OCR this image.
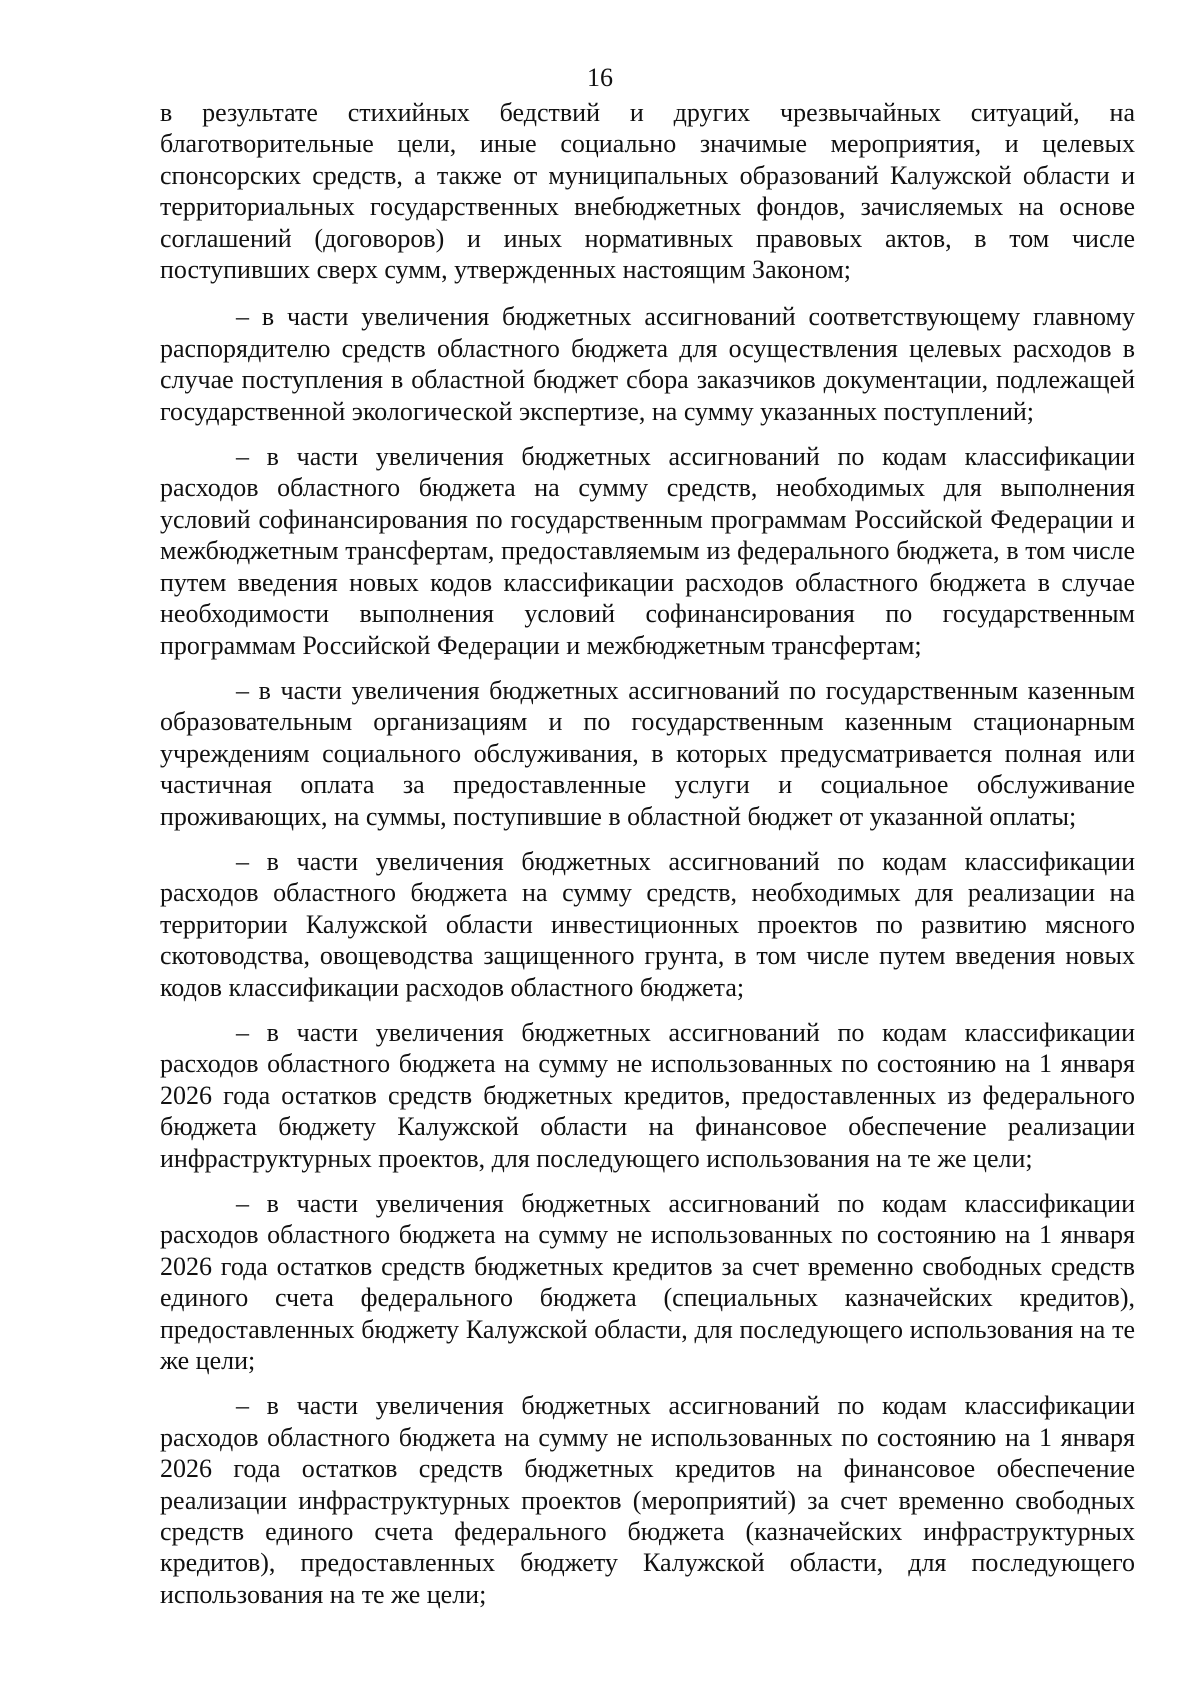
16

в результате стихийных бедствий и других чрезвычайных ситуаций, на благотворительные цели, иные социально значимые мероприятия, и целевых спонсорских средств, а также от муниципальных образований Калужской области и территориальных государственных внебюджетных фондов, зачисляемых на основе соглашений (договоров) и иных нормативных правовых актов, в том числе поступивших сверх сумм, утвержденных настоящим Законом;

– в части увеличения бюджетных ассигнований соответствующему главному распорядителю средств областного бюджета для осуществления целевых расходов в случае поступления в областной бюджет сбора заказчиков документации, подлежащей государственной экологической экспертизе, на сумму указанных поступлений;

– в части увеличения бюджетных ассигнований по кодам классификации расходов областного бюджета на сумму средств, необходимых для выполнения условий софинансирования по государственным программам Российской Федерации и межбюджетным трансфертам, предоставляемым из федерального бюджета, в том числе путем введения новых кодов классификации расходов областного бюджета в случае необходимости выполнения условий софинансирования по государственным программам Российской Федерации и межбюджетным трансфертам;

– в части увеличения бюджетных ассигнований по государственным казенным образовательным организациям и по государственным казенным стационарным учреждениям социального обслуживания, в которых предусматривается полная или частичная оплата за предоставленные услуги и социальное обслуживание проживающих, на суммы, поступившие в областной бюджет от указанной оплаты;

– в части увеличения бюджетных ассигнований по кодам классификации расходов областного бюджета на сумму средств, необходимых для реализации на территории Калужской области инвестиционных проектов по развитию мясного скотоводства, овощеводства защищенного грунта, в том числе путем введения новых кодов классификации расходов областного бюджета;

– в части увеличения бюджетных ассигнований по кодам классификации расходов областного бюджета на сумму не использованных по состоянию на 1 января 2026 года остатков средств бюджетных кредитов, предоставленных из федерального бюджета бюджету Калужской области на финансовое обеспечение реализации инфраструктурных проектов, для последующего использования на те же цели;

– в части увеличения бюджетных ассигнований по кодам классификации расходов областного бюджета на сумму не использованных по состоянию на 1 января 2026 года остатков средств бюджетных кредитов за счет временно свободных средств единого счета федерального бюджета (специальных казначейских кредитов), предоставленных бюджету Калужской области, для последующего использования на те же цели;

– в части увеличения бюджетных ассигнований по кодам классификации расходов областного бюджета на сумму не использованных по состоянию на 1 января 2026 года остатков средств бюджетных кредитов на финансовое обеспечение реализации инфраструктурных проектов (мероприятий) за счет временно свободных средств единого счета федерального бюджета (казначейских инфраструктурных кредитов), предоставленных бюджету Калужской области, для последующего использования на те же цели;
